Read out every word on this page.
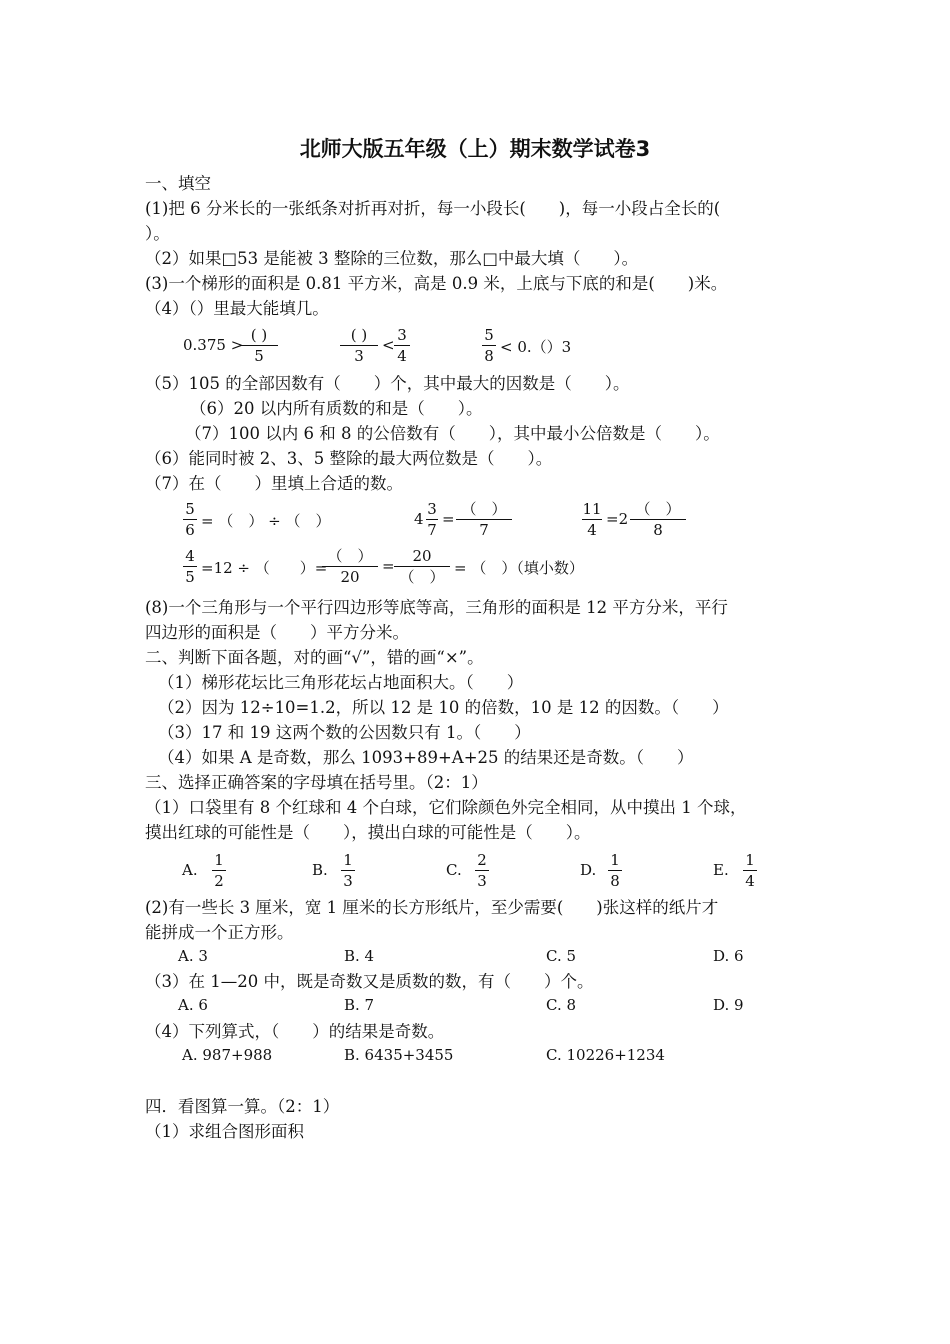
北师大版五年级（上）期末数学试卷3
一、填空
(1)把 6 分米长的一张纸条对折再对折，每一小段长(　　)，每一小段占全长的(
）。
（2）如果□53 是能被 3 整除的三位数，那么□中最大填（　　）。
(3)一个梯形的面积是 0.81 平方米，高是 0.9 米，上底与下底的和是(　　)米。
（4）（）里最大能填几。
0.375 >
( )
5
( )
3
< $\frac{3}{4}$	$\frac{5}{8} < 0.()3$
（5）105 的全部因数有（　　）个，其中最大的因数是（　　）。
（6）20 以内所有质数的和是（　　）。
（7）100 以内 6 和 8 的公倍数有（　　），其中最小公倍数是（　　）。
（6）能同时被 2、3、5 整除的最大两位数是（　　）。
（7）在（　　）里填上合适的数。
$\frac{5}{6}$ = （　） ÷ （　）	$4 \frac{3}{7}$ =
（　）
7	$\frac{11}{4} =2$
（　）
8
$\frac{4}{5} =12$ ÷ （　　）=
（　）
20
=
20
（　） = （　）（填小数）
(8)一个三角形与一个平行四边形等底等高，三角形的面积是 12 平方分米，平行
四边形的面积是（　　）平方分米。
二、判断下面各题，对的画“√”，错的画“×”。
（1）梯形花坛比三角形花坛占地面积大。（　　）
（2）因为 12÷10=1.2，所以 12 是 10 的倍数，10 是 12 的因数。（　　）
（3）17 和 19 这两个数的公因数只有 1。（　　）
（4）如果 A 是奇数，那么 1093+89+A+25 的结果还是奇数。（　　）
三、选择正确答案的字母填在括号里。（2：1）
（1）口袋里有 8 个红球和 4 个白球，它们除颜色外完全相同，从中摸出 1 个球，
摸出红球的可能性是（　　），摸出白球的可能性是（　　）。
A. $\frac{1}{2}$	B. $\frac{1}{3}$	C. $\frac{2}{3}$	D. $\frac{1}{8}$	E. $\frac{1}{4}$
(2)有一些长 3 厘米，宽 1 厘米的长方形纸片，至少需要(　　)张这样的纸片才
能拼成一个正方形。
A. 3	B. 4	C. 5	D. 6
（3）在 1—20 中，既是奇数又是质数的数，有（　　）个。
A. 6	B. 7	C. 8	D. 9
（4）下列算式，（　　）的结果是奇数。
A. 987+988	B. 6435+3455	C. 10226+1234
四．看图算一算。（2：1）
（1）求组合图形面积
